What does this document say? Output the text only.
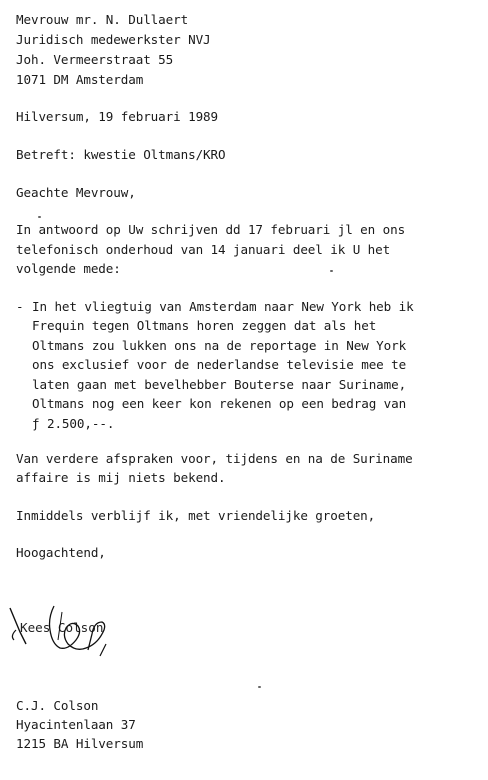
Mevrouw mr. N. Dullaert
Juridisch medewerkster NVJ
Joh. Vermeerstraat 55
1071 DM Amsterdam
Hilversum, 19 februari 1989
Betreft: kwestie Oltmans/KRO
Geachte Mevrouw,
In antwoord op Uw schrijven dd 17 februari jl en ons
telefonisch onderhoud van 14 januari deel ik U het
volgende mede:
- In het vliegtuig van Amsterdam naar New York heb ik
Frequin tegen Oltmans horen zeggen dat als het
Oltmans zou lukken ons na de reportage in New York
ons exclusief voor de nederlandse televisie mee te
laten gaan met bevelhebber Bouterse naar Suriname,
Oltmans nog een keer kon rekenen op een bedrag van
ƒ 2.500,--.
Van verdere afspraken voor, tijdens en na de Suriname
affaire is mij niets bekend.
Inmiddels verblijf ik, met vriendelijke groeten,
Hoogachtend,
Kees Colson
C.J. Colson
Hyacintenlaan 37
1215 BA Hilversum
